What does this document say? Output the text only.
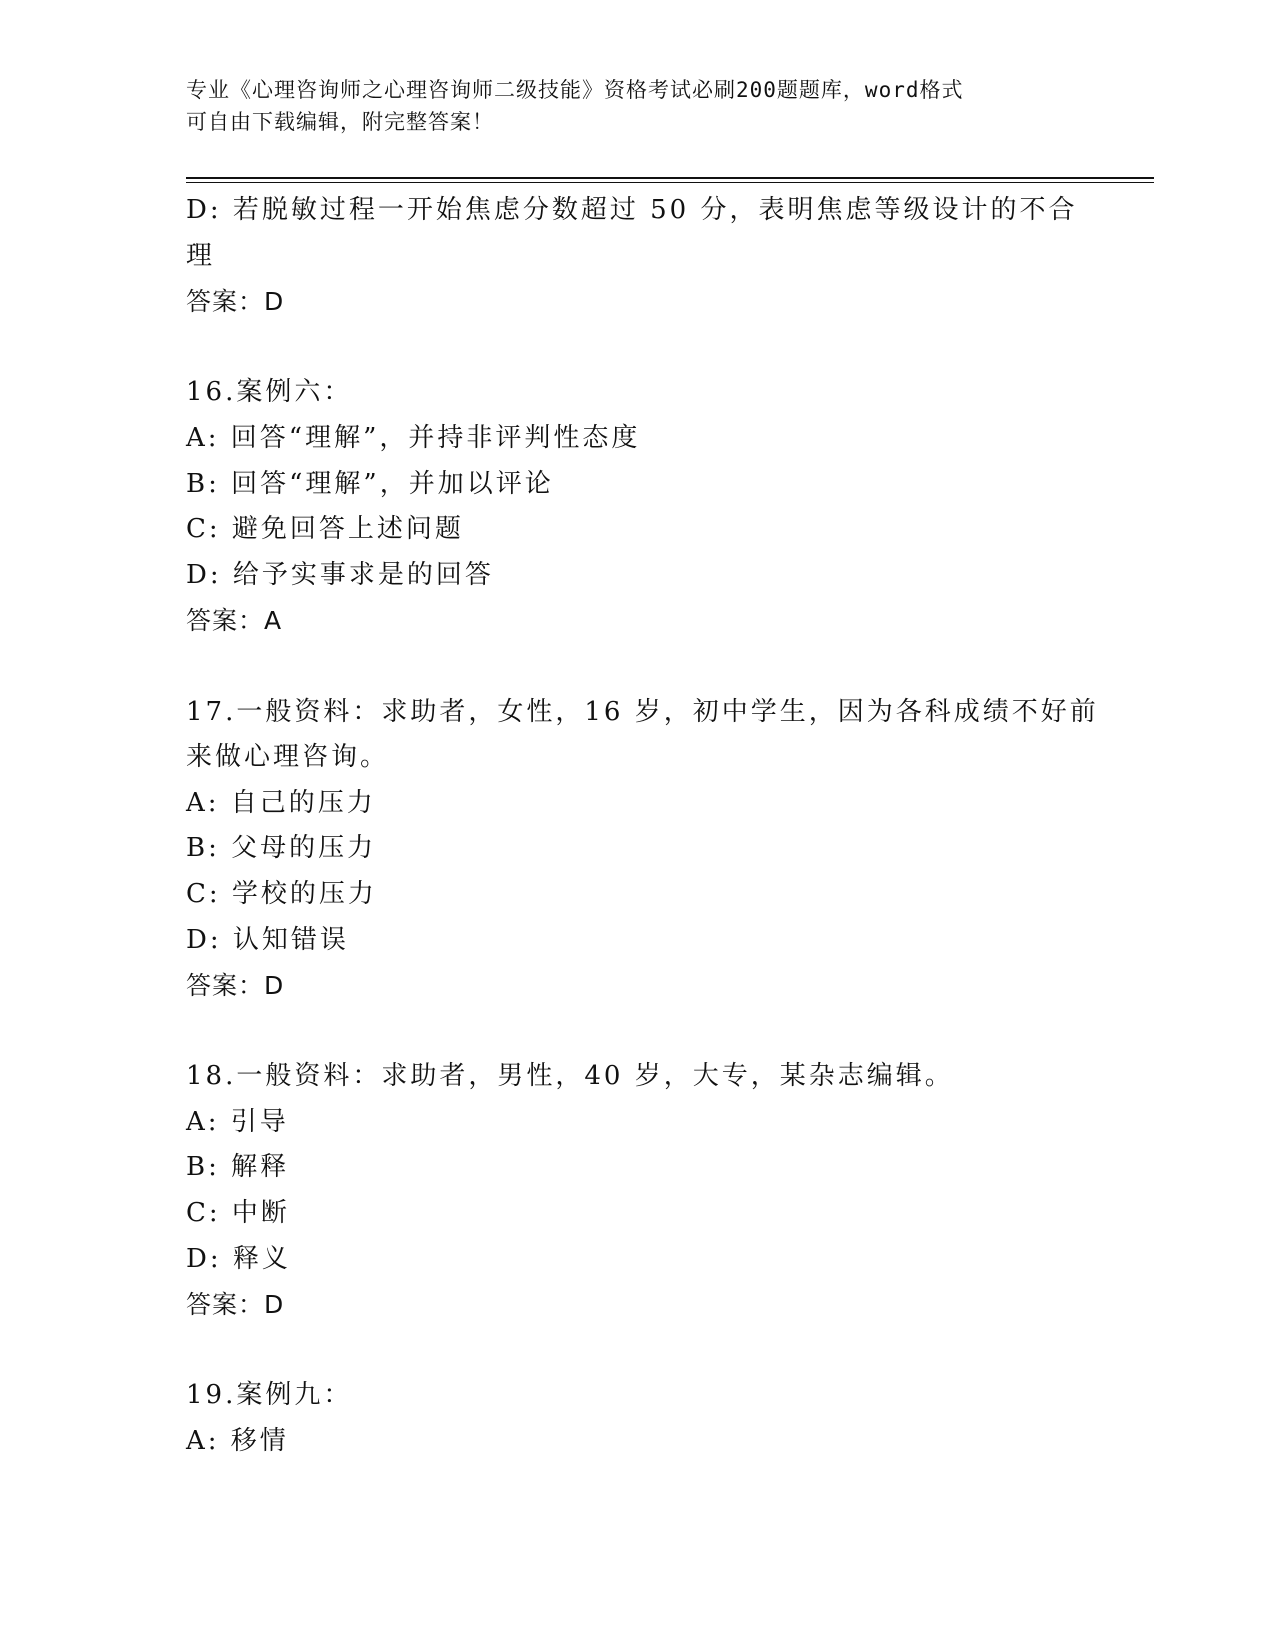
专业《心理咨询师之心理咨询师二级技能》资格考试必刷200题题库，word格式
可自由下载编辑，附完整答案！
D: 若脱敏过程一开始焦虑分数超过 50 分，表明焦虑等级设计的不合
理
答案：D
16.案例六：
A: 回答“理解”，并持非评判性态度
B: 回答“理解”，并加以评论
C: 避免回答上述问题
D: 给予实事求是的回答
答案：A
17.一般资料：求助者，女性，16 岁，初中学生，因为各科成绩不好前
来做心理咨询。
A: 自己的压力
B: 父母的压力
C: 学校的压力
D: 认知错误
答案：D
18.一般资料：求助者，男性，40 岁，大专，某杂志编辑。
A: 引导
B: 解释
C: 中断
D: 释义
答案：D
19.案例九：
A: 移情
